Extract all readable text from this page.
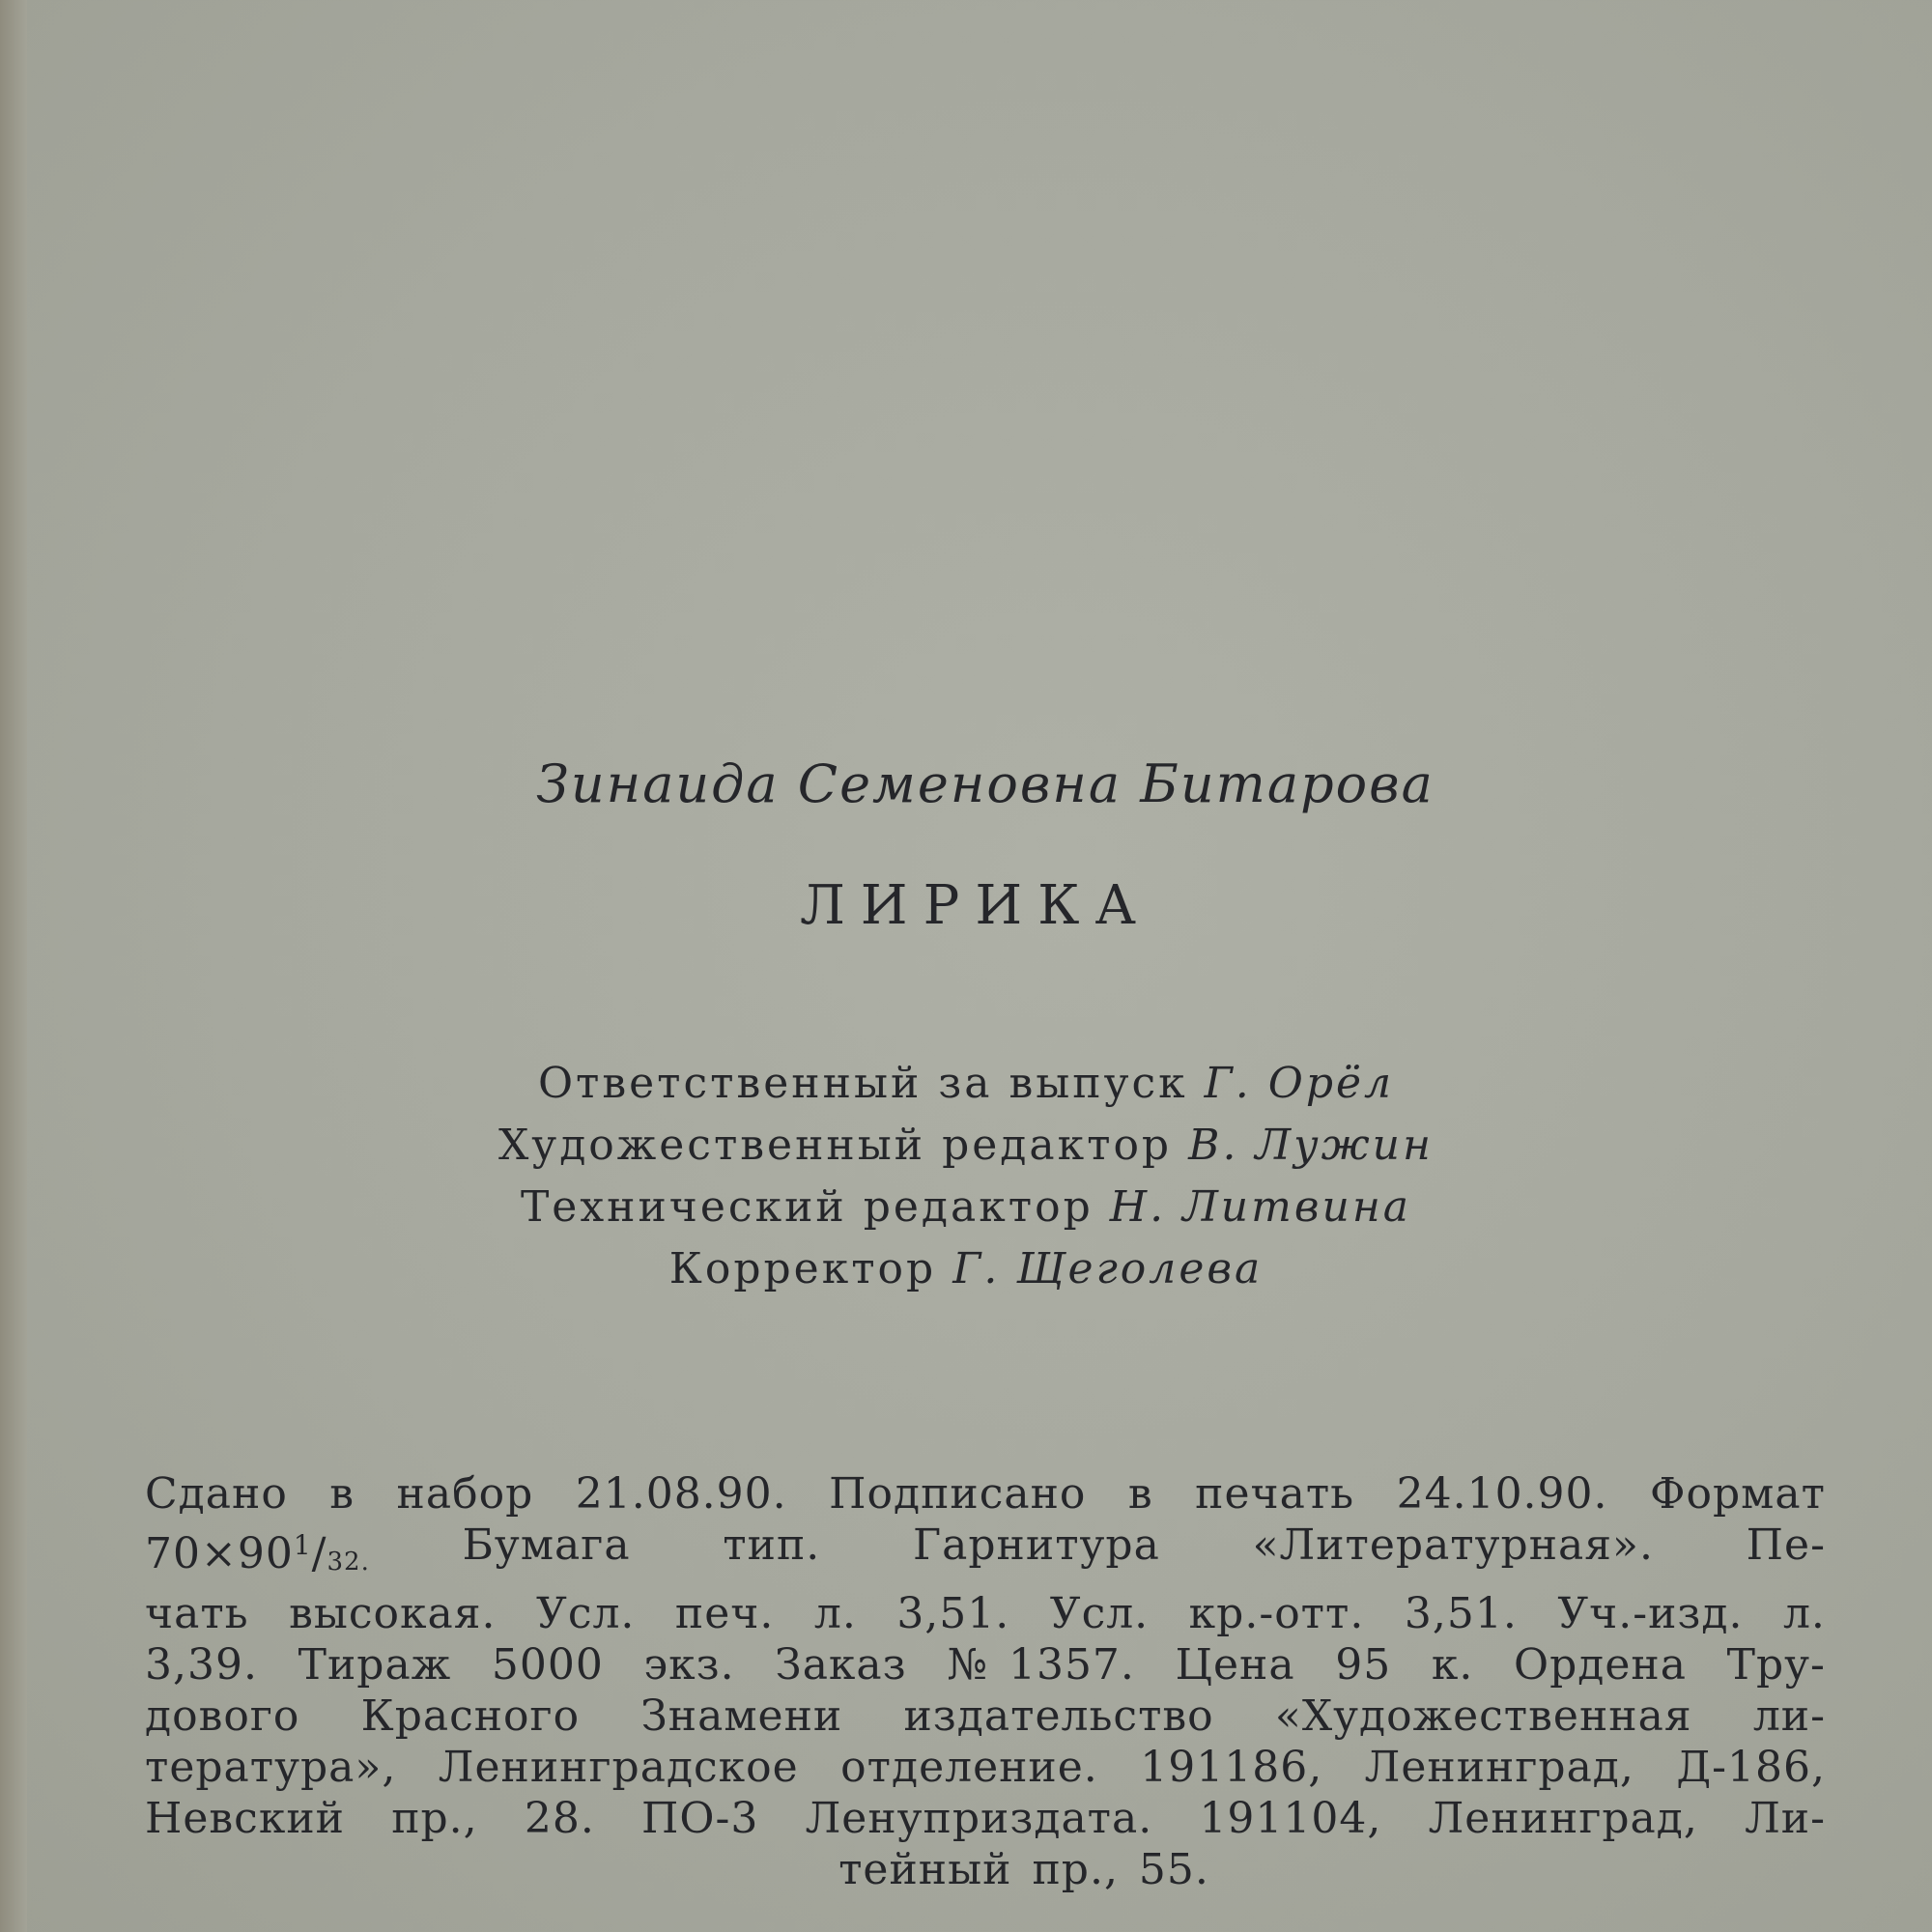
Зинаида Семеновна Битарова
ЛИРИКА
Ответственный за выпуск Г. Орёл
Художественный редактор В. Лужин
Технический редактор Н. Литвина
Корректор Г. Щеголева
Сдано в набор 21.08.90. Подписано в печать 24.10.90. Формат
$70\times 90^1/_{32.}$ Бумага тип. Гарнитура «Литературная». Пе-
чать высокая. Усл. печ. л. 3,51. Усл. кр.-отт. 3,51. Уч.-изд. л.
3,39. Тираж 5000 экз. Заказ № 1357. Цена 95 к. Ордена Тру-
дового Красного Знамени издательство «Художественная ли-
тература», Ленинградское отделение. 191186, Ленинград, Д-186,
Невский пр., 28. ПО-3 Ленуприздата. 191104, Ленинград, Ли-
тейный пр., 55.
